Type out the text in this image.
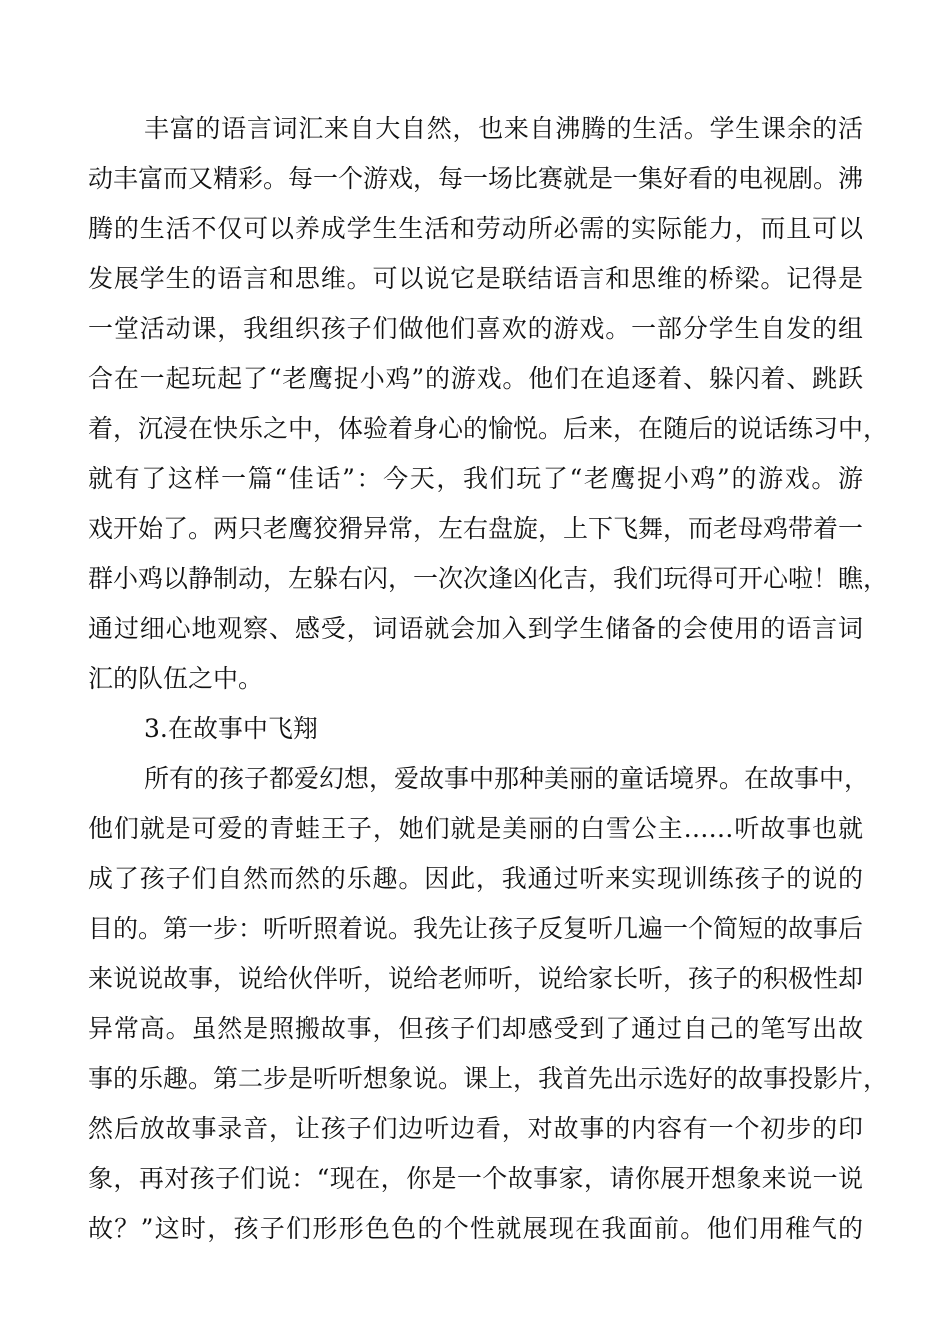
丰富的语言词汇来自大自然，也来自沸腾的生活。学生课余的活
动丰富而又精彩。每一个游戏，每一场比赛就是一集好看的电视剧。沸
腾的生活不仅可以养成学生生活和劳动所必需的实际能力，而且可以
发展学生的语言和思维。可以说它是联结语言和思维的桥梁。记得是
一堂活动课，我组织孩子们做他们喜欢的游戏。一部分学生自发的组
合在一起玩起了“老鹰捉小鸡”的游戏。他们在追逐着、躲闪着、跳跃
着，沉浸在快乐之中，体验着身心的愉悦。后来，在随后的说话练习中，
就有了这样一篇“佳话”：今天，我们玩了“老鹰捉小鸡”的游戏。游
戏开始了。两只老鹰狡猾异常，左右盘旋，上下飞舞，而老母鸡带着一
群小鸡以静制动，左躲右闪，一次次逢凶化吉，我们玩得可开心啦！瞧，
通过细心地观察、感受，词语就会加入到学生储备的会使用的语言词
汇的队伍之中。
3.在故事中飞翔
所有的孩子都爱幻想，爱故事中那种美丽的童话境界。在故事中，
他们就是可爱的青蛙王子，她们就是美丽的白雪公主……听故事也就
成了孩子们自然而然的乐趣。因此，我通过听来实现训练孩子的说的
目的。第一步：听听照着说。我先让孩子反复听几遍一个简短的故事后
来说说故事，说给伙伴听，说给老师听，说给家长听，孩子的积极性却
异常高。虽然是照搬故事，但孩子们却感受到了通过自己的笔写出故
事的乐趣。第二步是听听想象说。课上，我首先出示选好的故事投影片，
然后放故事录音，让孩子们边听边看，对故事的内容有一个初步的印
象，再对孩子们说：“现在，你是一个故事家，请你展开想象来说一说
故？”这时，孩子们形形色色的个性就展现在我面前。他们用稚气的
